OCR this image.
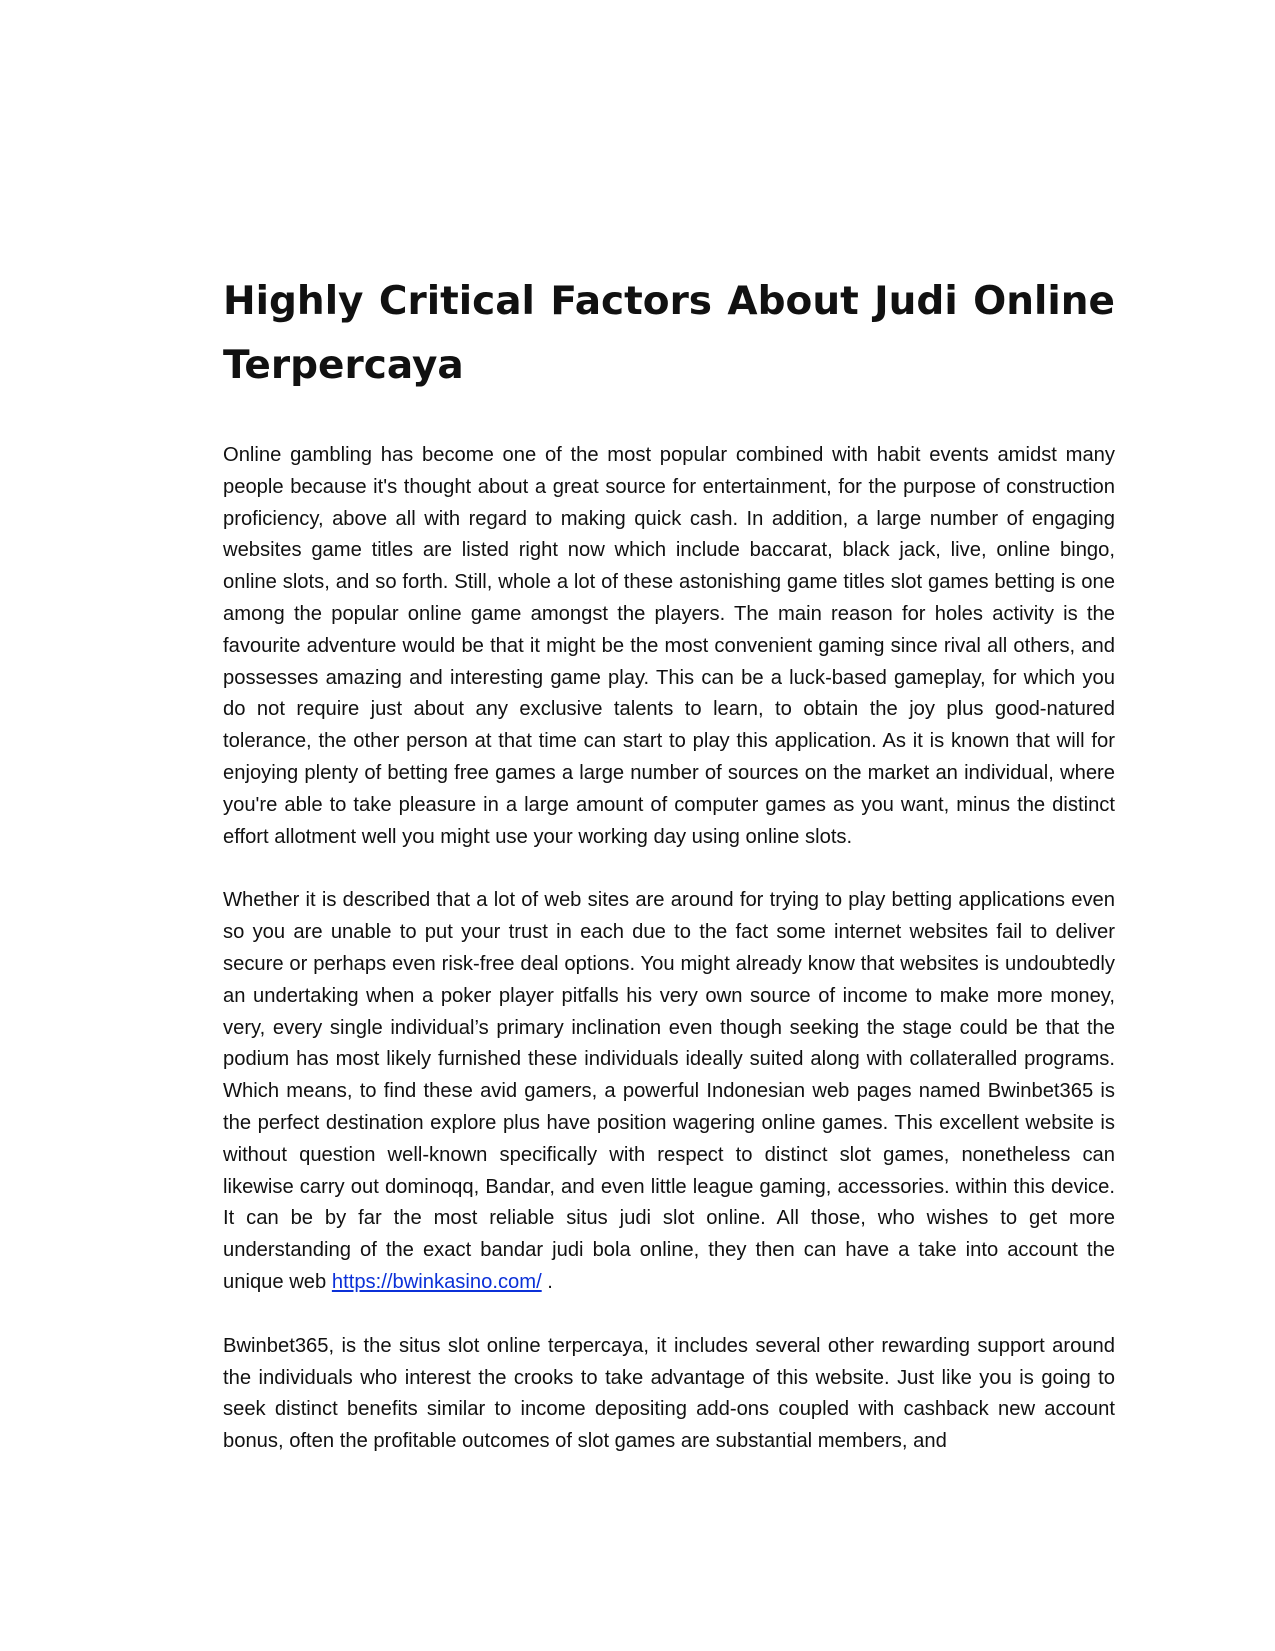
Highly Critical Factors About Judi Online
Terpercaya

Online gambling has become one of the most popular combined with habit events amidst many people because it's thought about a great source for entertainment, for the purpose of construction proficiency, above all with regard to making quick cash. In addition, a large number of engaging websites game titles are listed right now which include baccarat, black jack, live, online bingo, online slots, and so forth. Still, whole a lot of these astonishing game titles slot games betting is one among the popular online game amongst the players. The main reason for holes activity is the favourite adventure would be that it might be the most convenient gaming since rival all others, and possesses amazing and interesting game play. This can be a luck-based gameplay, for which you do not require just about any exclusive talents to learn, to obtain the joy plus good-natured tolerance, the other person at that time can start to play this application. As it is known that will for enjoying plenty of betting free games a large number of sources on the market an individual, where you're able to take pleasure in a large amount of computer games as you want, minus the distinct effort allotment well you might use your working day using online slots.

Whether it is described that a lot of web sites are around for trying to play betting applications even so you are unable to put your trust in each due to the fact some internet websites fail to deliver secure or perhaps even risk-free deal options. You might already know that websites is undoubtedly an undertaking when a poker player pitfalls his very own source of income to make more money, very, every single individual’s primary inclination even though seeking the stage could be that the podium has most likely furnished these individuals ideally suited along with collateralled programs. Which means, to find these avid gamers, a powerful Indonesian web pages named Bwinbet365 is the perfect destination explore plus have position wagering online games. This excellent website is without question well-known specifically with respect to distinct slot games, nonetheless can likewise carry out dominoqq, Bandar, and even little league gaming, accessories. within this device. It can be by far the most reliable situs judi slot online. All those, who wishes to get more understanding of the exact bandar judi bola online, they then can have a take into account the unique web https://bwinkasino.com/ .

Bwinbet365, is the situs slot online terpercaya, it includes several other rewarding support around the individuals who interest the crooks to take advantage of this website. Just like you is going to seek distinct benefits similar to income depositing add-ons coupled with cashback new account bonus, often the profitable outcomes of slot games are substantial members, and
